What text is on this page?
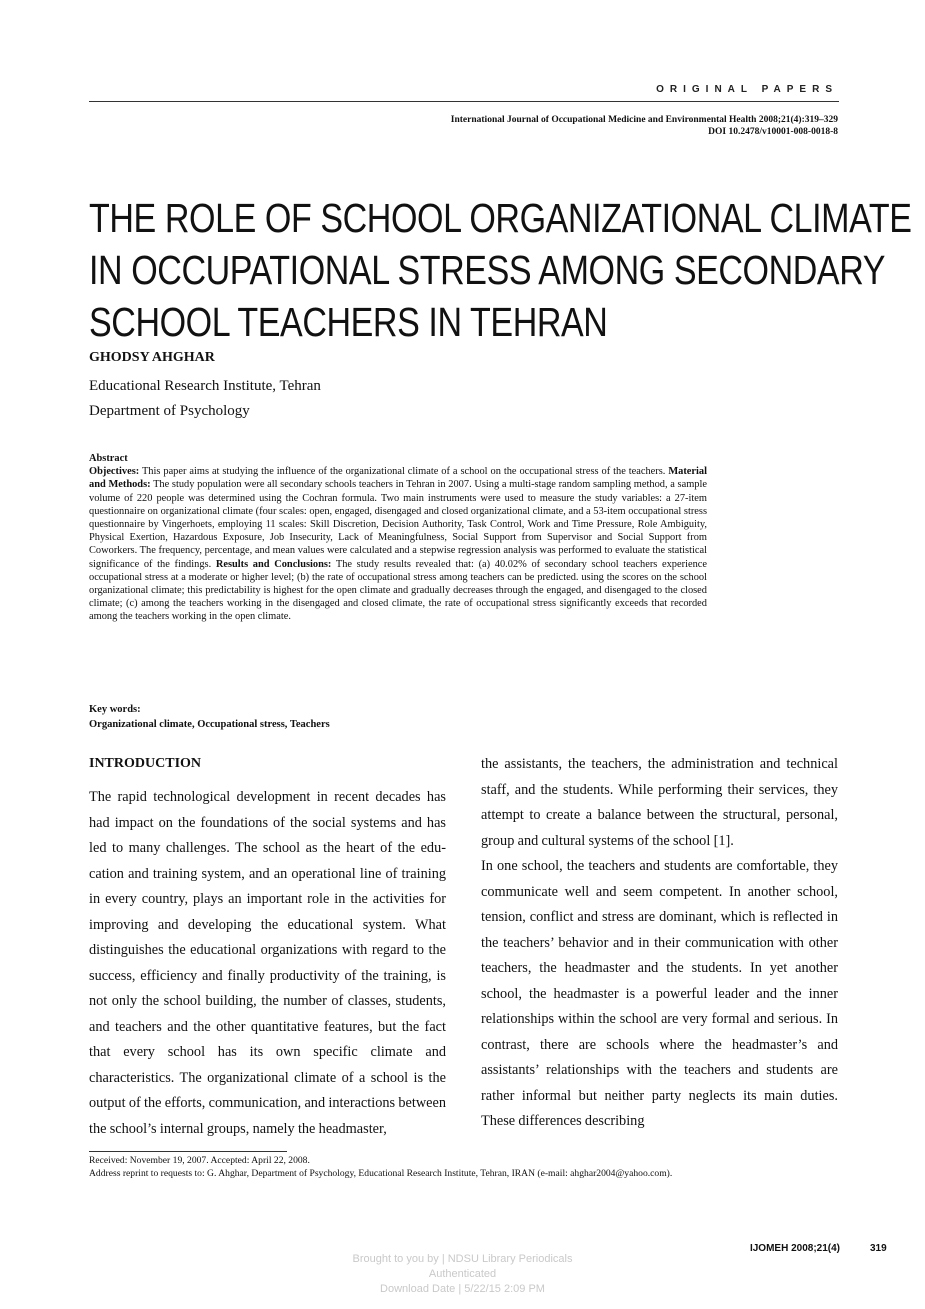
ORIGINAL PAPERS
International Journal of Occupational Medicine and Environmental Health 2008;21(4):319–329
DOI 10.2478/v10001-008-0018-8
THE ROLE OF SCHOOL ORGANIZATIONAL CLIMATE
IN OCCUPATIONAL STRESS AMONG SECONDARY
SCHOOL TEACHERS IN TEHRAN
GHODSY AHGHAR
Educational Research Institute, Tehran
Department of Psychology

Abstract

Objectives: This paper aims at studying the influence of the organizational climate of a school on the occupational stress of the teachers. Material and Methods: The study population were all secondary schools teachers in Tehran in 2007. Using a multi-stage random sampling method, a sample volume of 220 people was determined using the Cochran formula. Two main instruments were used to measure the study variables: a 27-item questionnaire on organizational climate (four scales: open, engaged, disengaged and closed organizational climate, and a 53-item occupational stress questionnaire by Vingerhoets, employing 11 scales: Skill Discretion, Decision Authority, Task Control, Work and Time Pressure, Role Ambiguity, Physical Exertion, Hazardous Exposure, Job Insecurity, Lack of Meaningfulness, Social Support from Supervisor and Social Support from Coworkers. The frequency, percentage, and mean values were calculated and a stepwise regression analysis was performed to evaluate the statistical significance of the findings. Results and Conclusions: The study results revealed that: (a) 40.02% of secondary school teachers experience occupational stress at a moderate or higher level; (b) the rate of occupational stress among teachers can be predicted. using the scores on the school organizational climate; this predictability is highest for the open climate and gradually decreases through the engaged, and disengaged to the closed climate; (c) among the teachers working in the disengaged and closed climate, the rate of occupational stress significantly exceeds that recorded among the teachers working in the open climate.

Key words:
Organizational climate, Occupational stress, Teachers
INTRODUCTION

The rapid technological development in recent decades has had impact on the foundations of the social systems and has led to many challenges. The school as the heart of the education and training system, and an operational line of training in every country, plays an important role in the activities for improving and developing the educational system. What distinguishes the educational organizations with regard to the success, efficiency and finally productivity of the training, is not only the school building, the number of classes, students, and teachers and the other quantitative features, but the fact that every school has its own specific climate and characteristics. The organizational climate of a school is the output of the efforts, communication, and interactions between the school’s internal groups, namely the headmaster,

the assistants, the teachers, the administration and technical staff, and the students. While performing their services, they attempt to create a balance between the structural, personal, group and cultural systems of the school [1].

In one school, the teachers and students are comfortable, they communicate well and seem competent. In another school, tension, conflict and stress are dominant, which is reflected in the teachers’ behavior and in their communication with other teachers, the headmaster and the students. In yet another school, the headmaster is a powerful leader and the inner relationships within the school are very formal and serious. In contrast, there are schools where the headmaster’s and assistants’ relationships with the teachers and students are rather informal but neither party neglects its main duties. These differences describing

Received: November 19, 2007. Accepted: April 22, 2008.
Address reprint to requests to: G. Ahghar, Department of Psychology, Educational Research Institute, Tehran, IRAN (e-mail: ahghar2004@yahoo.com).
IJOMEH 2008;21(4)	319
Brought to you by | NDSU Library Periodicals
Authenticated
Download Date | 5/22/15 2:09 PM
